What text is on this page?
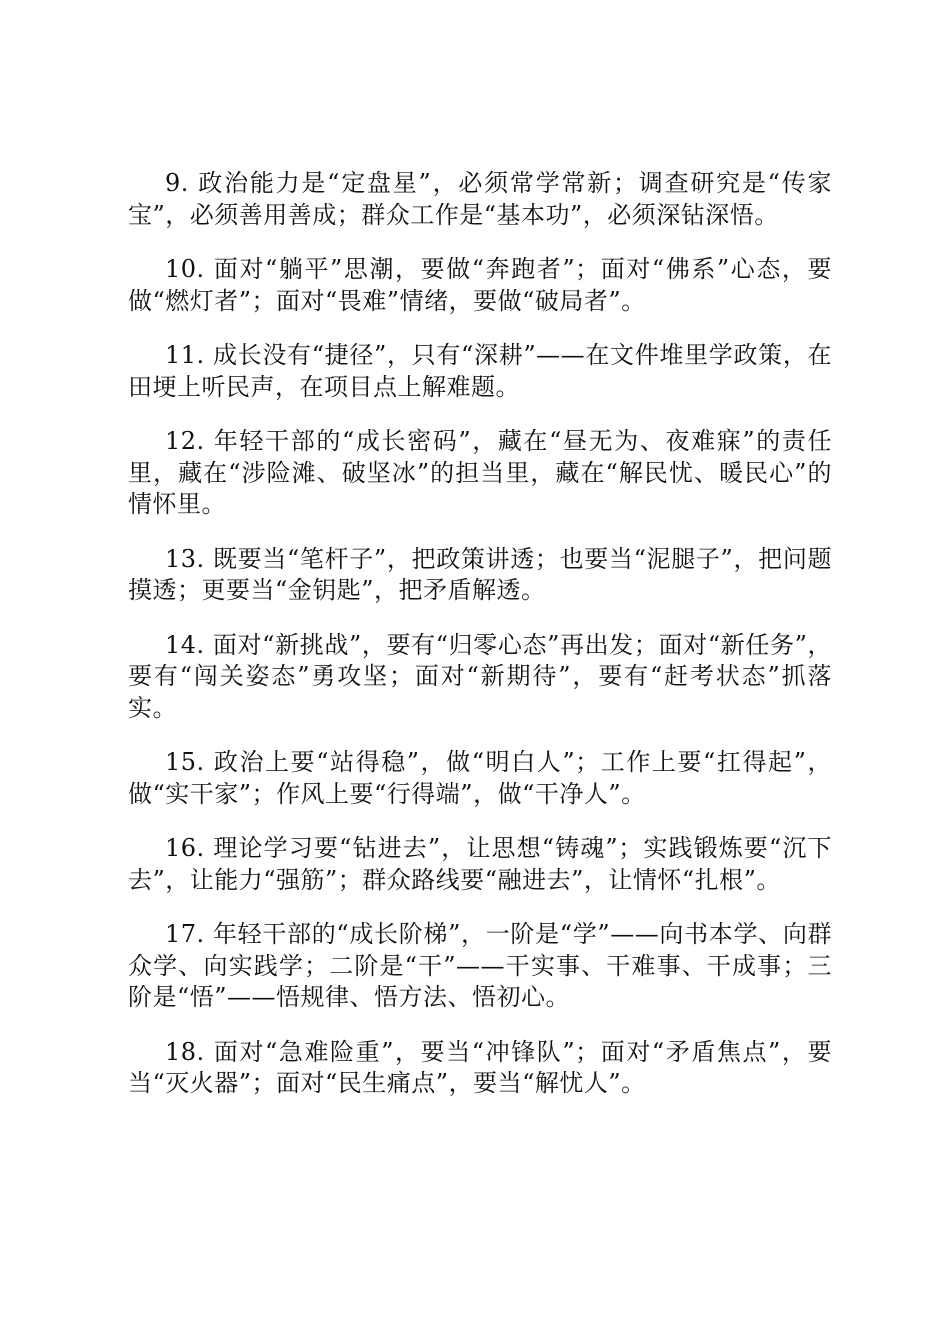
9. 政治能力是“定盘星”，必须常学常新；调查研究是“传家宝”，必须善用善成；群众工作是“基本功”，必须深钻深悟。

10. 面对“躺平”思潮，要做“奔跑者”；面对“佛系”心态，要做“燃灯者”；面对“畏难”情绪，要做“破局者”。

11. 成长没有“捷径”，只有“深耕”——在文件堆里学政策，在田埂上听民声，在项目点上解难题。

12. 年轻干部的“成长密码”，藏在“昼无为、夜难寐”的责任里，藏在“涉险滩、破坚冰”的担当里，藏在“解民忧、暖民心”的情怀里。

13. 既要当“笔杆子”，把政策讲透；也要当“泥腿子”，把问题摸透；更要当“金钥匙”，把矛盾解透。

14. 面对“新挑战”，要有“归零心态”再出发；面对“新任务”，要有“闯关姿态”勇攻坚；面对“新期待”，要有“赶考状态”抓落实。

15. 政治上要“站得稳”，做“明白人”；工作上要“扛得起”，做“实干家”；作风上要“行得端”，做“干净人”。

16. 理论学习要“钻进去”，让思想“铸魂”；实践锻炼要“沉下去”，让能力“强筋”；群众路线要“融进去”，让情怀“扎根”。

17. 年轻干部的“成长阶梯”，一阶是“学”——向书本学、向群众学、向实践学；二阶是“干”——干实事、干难事、干成事；三阶是“悟”——悟规律、悟方法、悟初心。

18. 面对“急难险重”，要当“冲锋队”；面对“矛盾焦点”，要当“灭火器”；面对“民生痛点”，要当“解忧人”。
